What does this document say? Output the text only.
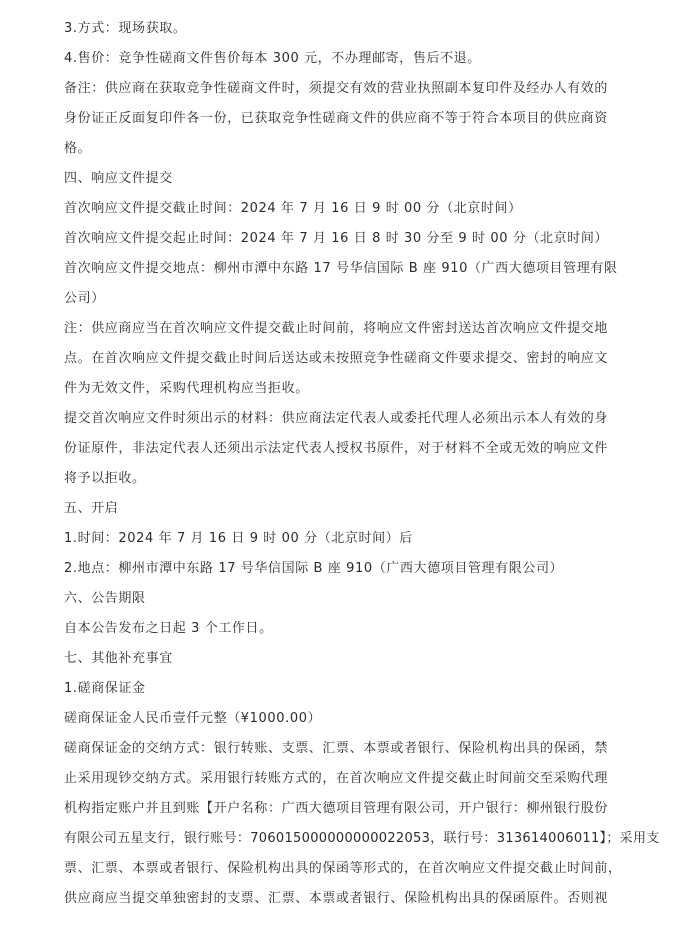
3.方式：现场获取。
4.售价：竞争性磋商文件售价每本 300 元，不办理邮寄，售后不退。
备注：供应商在获取竞争性磋商文件时，须提交有效的营业执照副本复印件及经办人有效的
身份证正反面复印件各一份，已获取竞争性磋商文件的供应商不等于符合本项目的供应商资
格。
四、响应文件提交
首次响应文件提交截止时间：2024 年 7 月 16 日 9 时 00 分（北京时间）
首次响应文件提交起止时间：2024 年 7 月 16 日 8 时 30 分至 9 时 00 分（北京时间）
首次响应文件提交地点：柳州市潭中东路 17 号华信国际 B 座 910（广西大德项目管理有限
公司）
注：供应商应当在首次响应文件提交截止时间前，将响应文件密封送达首次响应文件提交地
点。在首次响应文件提交截止时间后送达或未按照竞争性磋商文件要求提交、密封的响应文
件为无效文件，采购代理机构应当拒收。
提交首次响应文件时须出示的材料：供应商法定代表人或委托代理人必须出示本人有效的身
份证原件，非法定代表人还须出示法定代表人授权书原件，对于材料不全或无效的响应文件
将予以拒收。
五、开启
1.时间：2024 年 7 月 16 日 9 时 00 分（北京时间）后
2.地点：柳州市潭中东路 17 号华信国际 B 座 910（广西大德项目管理有限公司）
六、公告期限
自本公告发布之日起 3 个工作日。
七、其他补充事宜
1.磋商保证金
磋商保证金人民币壹仟元整（¥1000.00）
磋商保证金的交纳方式：银行转账、支票、汇票、本票或者银行、保险机构出具的保函，禁
止采用现钞交纳方式。采用银行转账方式的，在首次响应文件提交截止时间前交至采购代理
机构指定账户并且到账【开户名称：广西大德项目管理有限公司，开户银行：柳州银行股份
有限公司五星支行，银行账号：706015000000000022053，联行号：313614006011】；采用支
票、汇票、本票或者银行、保险机构出具的保函等形式的，在首次响应文件提交截止时间前，
供应商应当提交单独密封的支票、汇票、本票或者银行、保险机构出具的保函原件。否则视
